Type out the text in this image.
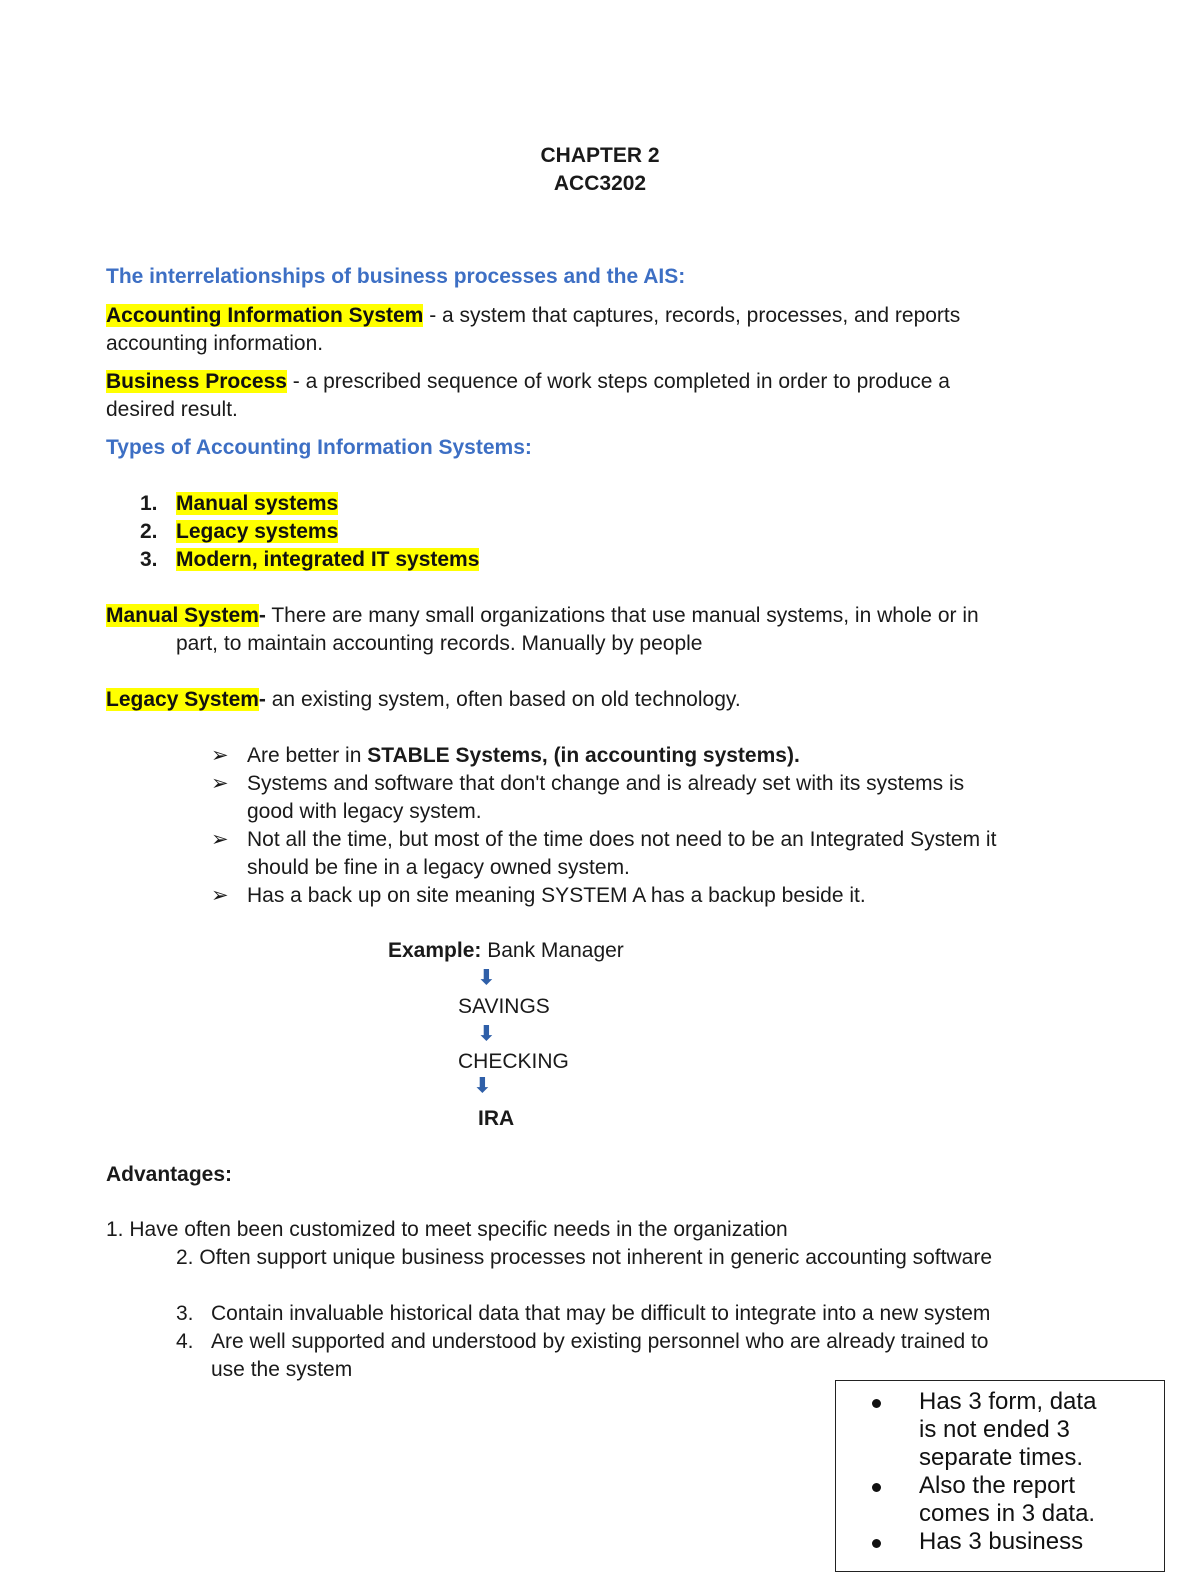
CHAPTER 2
ACC3202
The interrelationships of business processes and the AIS:
Accounting Information System - a system that captures, records, processes, and reports
accounting information.
Business Process - a prescribed sequence of work steps completed in order to produce a
desired result.
Types of Accounting Information Systems:
1. Manual systems
2. Legacy systems
3. Modern, integrated IT systems
Manual System- There are many small organizations that use manual systems, in whole or in
part, to maintain accounting records. Manually by people
Legacy System- an existing system, often based on old technology.
➢ Are better in STABLE Systems, (in accounting systems).
➢ Systems and software that don't change and is already set with its systems is
good with legacy system.
➢ Not all the time, but most of the time does not need to be an Integrated System it
should be fine in a legacy owned system.
➢ Has a back up on site meaning SYSTEM A has a backup beside it.
Example: Bank Manager
⬇
SAVINGS
⬇
CHECKING
⬇
IRA
Advantages:
1. Have often been customized to meet specific needs in the organization
2. Often support unique business processes not inherent in generic accounting software
3. Contain invaluable historical data that may be difficult to integrate into a new system
4. Are well supported and understood by existing personnel who are already trained to
use the system
Has 3 form, data
is not ended 3
separate times.
Also the report
comes in 3 data.
Has 3 business
